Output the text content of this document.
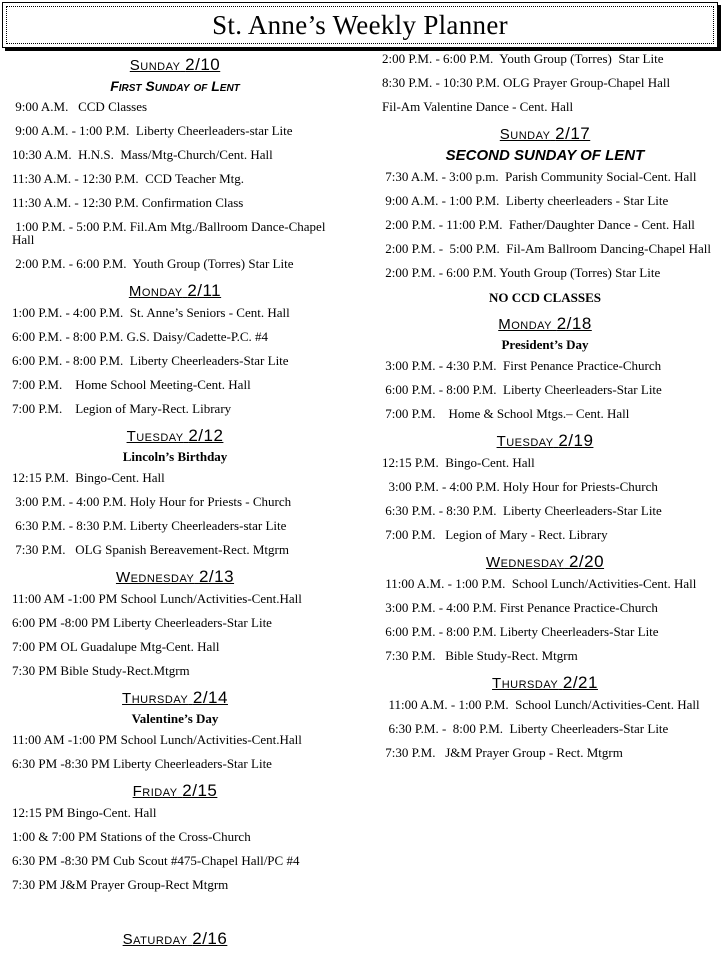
St. Anne’s Weekly Planner
Sunday 2/10
First Sunday of Lent
9:00 A.M.   CCD Classes
9:00 A.M. - 1:00 P.M.  Liberty Cheerleaders-star Lite
10:30 A.M.  H.N.S.  Mass/Mtg-Church/Cent. Hall
11:30 A.M. - 12:30 P.M.  CCD Teacher Mtg.
11:30 A.M. - 12:30 P.M. Confirmation Class
1:00 P.M. - 5:00 P.M. Fil.Am Mtg./Ballroom Dance-Chapel Hall
2:00 P.M. - 6:00 P.M.  Youth Group (Torres) Star Lite
Monday 2/11
1:00 P.M. - 4:00 P.M.  St. Anne’s Seniors - Cent. Hall
6:00 P.M. - 8:00 P.M. G.S. Daisy/Cadette-P.C. #4
6:00 P.M. - 8:00 P.M.  Liberty Cheerleaders-Star Lite
7:00 P.M.    Home School Meeting-Cent. Hall
7:00 P.M.    Legion of Mary-Rect. Library
Tuesday 2/12
Lincoln’s Birthday
12:15 P.M.  Bingo-Cent. Hall
3:00 P.M. - 4:00 P.M. Holy Hour for Priests - Church
6:30 P.M. - 8:30 P.M. Liberty Cheerleaders-star Lite
7:30 P.M.   OLG Spanish Bereavement-Rect. Mtgrm
Wednesday 2/13
11:00 AM -1:00 PM School Lunch/Activities-Cent.Hall
6:00 PM -8:00 PM Liberty Cheerleaders-Star Lite
7:00 PM OL Guadalupe Mtg-Cent. Hall
7:30 PM Bible Study-Rect.Mtgrm
Thursday 2/14
Valentine’s Day
11:00 AM -1:00 PM School Lunch/Activities-Cent.Hall
6:30 PM -8:30 PM Liberty Cheerleaders-Star Lite
Friday 2/15
12:15 PM Bingo-Cent. Hall
1:00 & 7:00 PM Stations of the Cross-Church
6:30 PM -8:30 PM Cub Scout #475-Chapel Hall/PC #4
7:30 PM J&M Prayer Group-Rect Mtgrm
Saturday 2/16
2:00 P.M. - 6:00 P.M.  Youth Group (Torres)  Star Lite
8:30 P.M. - 10:30 P.M. OLG Prayer Group-Chapel Hall
Fil-Am Valentine Dance - Cent. Hall
Sunday 2/17
SECOND SUNDAY OF LENT
7:30 A.M. - 3:00 p.m.  Parish Community Social-Cent. Hall
9:00 A.M. - 1:00 P.M.  Liberty cheerleaders - Star Lite
2:00 P.M. - 11:00 P.M.  Father/Daughter Dance - Cent. Hall
2:00 P.M. -  5:00 P.M.  Fil-Am Ballroom Dancing-Chapel Hall
2:00 P.M. - 6:00 P.M. Youth Group (Torres) Star Lite
NO CCD CLASSES
Monday 2/18
President’s Day
3:00 P.M. - 4:30 P.M.  First Penance Practice-Church
6:00 P.M. - 8:00 P.M.  Liberty Cheerleaders-Star Lite
7:00 P.M.    Home & School Mtgs.– Cent. Hall
Tuesday 2/19
12:15 P.M.  Bingo-Cent. Hall
3:00 P.M. - 4:00 P.M. Holy Hour for Priests-Church
6:30 P.M. - 8:30 P.M.  Liberty Cheerleaders-Star Lite
7:00 P.M.   Legion of Mary - Rect. Library
Wednesday 2/20
11:00 A.M. - 1:00 P.M.  School Lunch/Activities-Cent. Hall
3:00 P.M. - 4:00 P.M. First Penance Practice-Church
6:00 P.M. - 8:00 P.M. Liberty Cheerleaders-Star Lite
7:30 P.M.   Bible Study-Rect. Mtgrm
Thursday 2/21
11:00 A.M. - 1:00 P.M.  School Lunch/Activities-Cent. Hall
6:30 P.M. -  8:00 P.M.  Liberty Cheerleaders-Star Lite
7:30 P.M.   J&M Prayer Group - Rect. Mtgrm
